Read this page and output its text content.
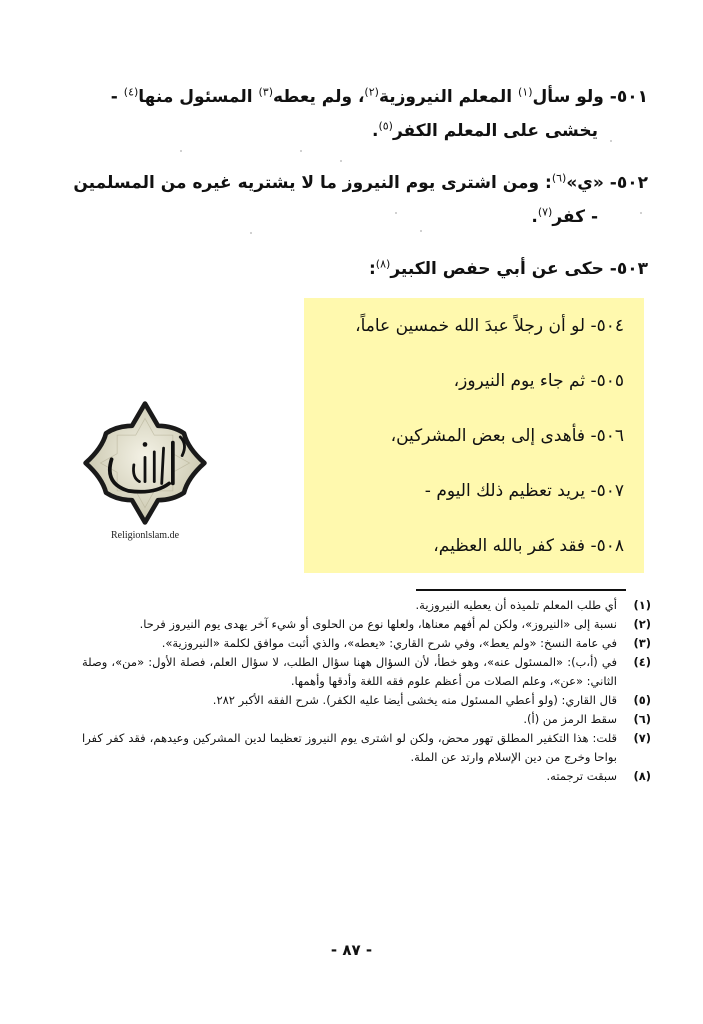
٥٠١- ولو سأل$^{(١)}$ المعلم النيروزية$^{(٢)}$، ولم يعطه$^{(٣)}$ المسئول منها$^{(٤)}$ -
يخشى على المعلم الكفر$^{(٥)}$.
٥٠٢- «ي»$^{(٦)}$: ومن اشترى يوم النيروز ما لا يشتريه غيره من المسلمين
- كفر$^{(٧)}$.
٥٠٣- حكى عن أبي حفص الكبير$^{(٨)}$:
٥٠٤- لو أن رجلاً عبدَ الله خمسين عاماً،
٥٠٥- ثم جاء يوم النيروز،
٥٠٦- فأهدى إلى بعض المشركين،
٥٠٧- يريد تعظيم ذلك اليوم -
٥٠٨- فقد كفر بالله العظيم،
Religionlslam.de
(١)
أي طلب المعلم تلميذه أن يعطيه النيروزية.
(٢)
نسبة إلى «النيروز»، ولكن لم أفهم معناها، ولعلها نوع من الحلوى أو شيء آخر يهدى يوم النيروز فرحا.
(٣)
في عامة النسخ: «ولم يعط»، وفي شرح القاري: «يعطه»، والذي أثبت موافق لكلمة «النيروزية».
(٤)
في (أ،ب): «المسئول عنه»، وهو خطأ، لأن السؤال ههنا سؤال الطلب، لا سؤال العلم، فصلة الأول: «من»، وصلة الثاني: «عن»، وعلم الصلات من أعظم علوم فقه اللغة وأدقها وأهمها.
(٥)
قال القاري: (ولو أعطي المسئول منه يخشى أيضا عليه الكفر). شرح الفقه الأكبر ٢٨٢.
(٦)
سقط الرمز من (أ).
(٧)
قلت: هذا التكفير المطلق تهور محض، ولكن لو اشترى يوم النيروز تعظيما لدين المشركين وعيدهم، فقد كفر كفرا بواحا وخرج من دين الإسلام وارتد عن الملة.
(٨)
سبقت ترجمته.
- ٨٧ -
